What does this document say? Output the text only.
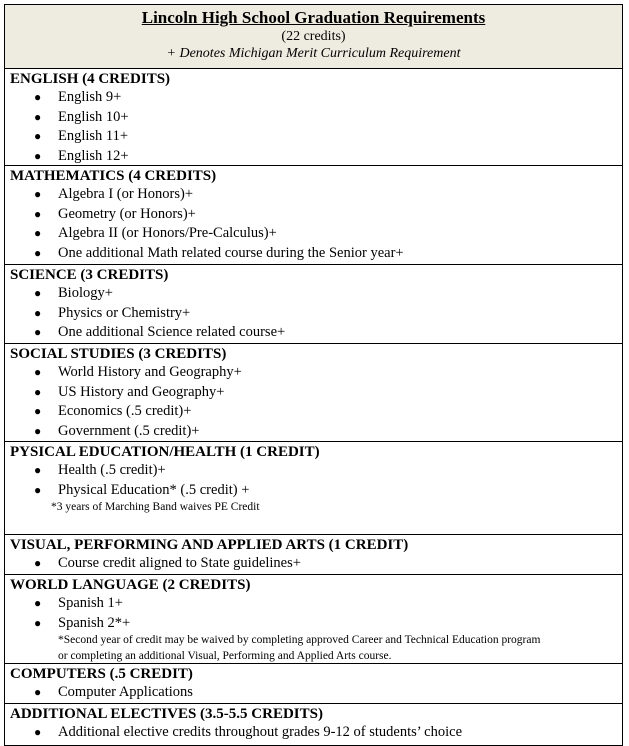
Lincoln High School Graduation Requirements
(22 credits)
+ Denotes Michigan Merit Curriculum Requirement
ENGLISH (4 CREDITS)
● English 9+
● English 10+
● English 11+
● English 12+
MATHEMATICS (4 CREDITS)
● Algebra I (or Honors)+
● Geometry (or Honors)+
● Algebra II (or Honors/Pre-Calculus)+
● One additional Math related course during the Senior year+
SCIENCE (3 CREDITS)
● Biology+
● Physics or Chemistry+
● One additional Science related course+
SOCIAL STUDIES (3 CREDITS)
● World History and Geography+
● US History and Geography+
● Economics (.5 credit)+
● Government (.5 credit)+
PYSICAL EDUCATION/HEALTH (1 CREDIT)
● Health (.5 credit)+
● Physical Education* (.5 credit) +
*3 years of Marching Band waives PE Credit
VISUAL, PERFORMING AND APPLIED ARTS (1 CREDIT)
● Course credit aligned to State guidelines+
WORLD LANGUAGE (2 CREDITS)
● Spanish 1+
● Spanish 2*+
*Second year of credit may be waived by completing approved Career and Technical Education program
or completing an additional Visual, Performing and Applied Arts course.
COMPUTERS (.5 CREDIT)
● Computer Applications
ADDITIONAL ELECTIVES (3.5-5.5 CREDITS)
● Additional elective credits throughout grades 9-12 of students’ choice
